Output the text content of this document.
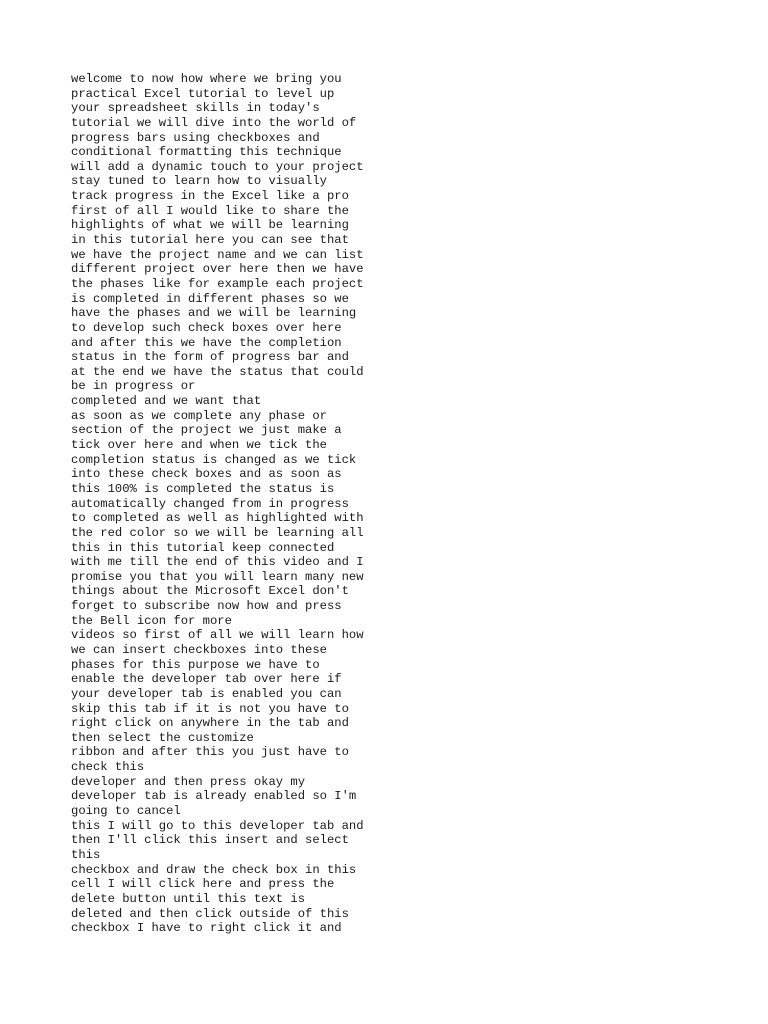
welcome to now how where we bring you
practical Excel tutorial to level up
your spreadsheet skills in today's
tutorial we will dive into the world of
progress bars using checkboxes and
conditional formatting this technique
will add a dynamic touch to your project
stay tuned to learn how to visually
track progress in the Excel like a pro
first of all I would like to share the
highlights of what we will be learning
in this tutorial here you can see that
we have the project name and we can list
different project over here then we have
the phases like for example each project
is completed in different phases so we
have the phases and we will be learning
to develop such check boxes over here
and after this we have the completion
status in the form of progress bar and
at the end we have the status that could
be in progress or
completed and we want that
as soon as we complete any phase or
section of the project we just make a
tick over here and when we tick the
completion status is changed as we tick
into these check boxes and as soon as
this 100% is completed the status is
automatically changed from in progress
to completed as well as highlighted with
the red color so we will be learning all
this in this tutorial keep connected
with me till the end of this video and I
promise you that you will learn many new
things about the Microsoft Excel don't
forget to subscribe now how and press
the Bell icon for more
videos so first of all we will learn how
we can insert checkboxes into these
phases for this purpose we have to
enable the developer tab over here if
your developer tab is enabled you can
skip this tab if it is not you have to
right click on anywhere in the tab and
then select the customize
ribbon and after this you just have to
check this
developer and then press okay my
developer tab is already enabled so I'm
going to cancel
this I will go to this developer tab and
then I'll click this insert and select
this
checkbox and draw the check box in this
cell I will click here and press the
delete button until this text is
deleted and then click outside of this
checkbox I have to right click it and
